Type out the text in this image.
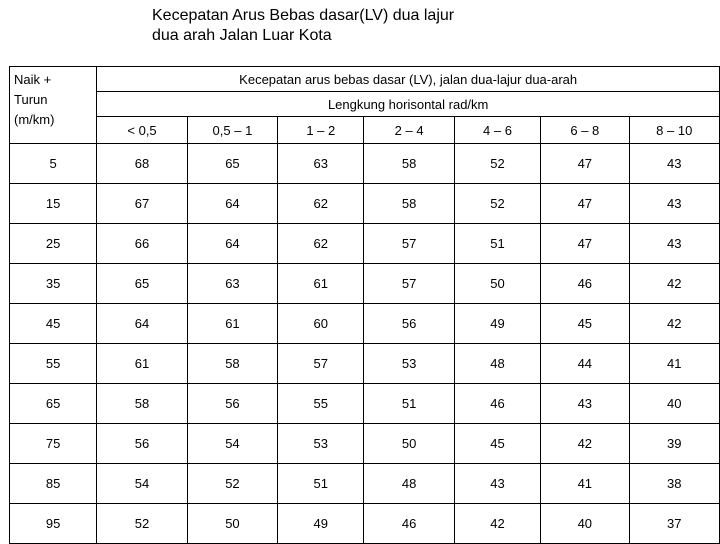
Kecepatan Arus Bebas dasar(LV) dua lajur
dua arah Jalan Luar Kota
Naik +
Turun
(m/km)	Kecepatan arus bebas dasar (LV), jalan dua-lajur dua-arah						
	Lengkung horisontal rad/km						
	< 0,5	0,5 – 1	1 – 2	2 – 4	4 – 6	6 – 8	8 – 10
5	68	65	63	58	52	47	43
15	67	64	62	58	52	47	43
25	66	64	62	57	51	47	43
35	65	63	61	57	50	46	42
45	64	61	60	56	49	45	42
55	61	58	57	53	48	44	41
65	58	56	55	51	46	43	40
75	56	54	53	50	45	42	39
85	54	52	51	48	43	41	38
95	52	50	49	46	42	40	37
